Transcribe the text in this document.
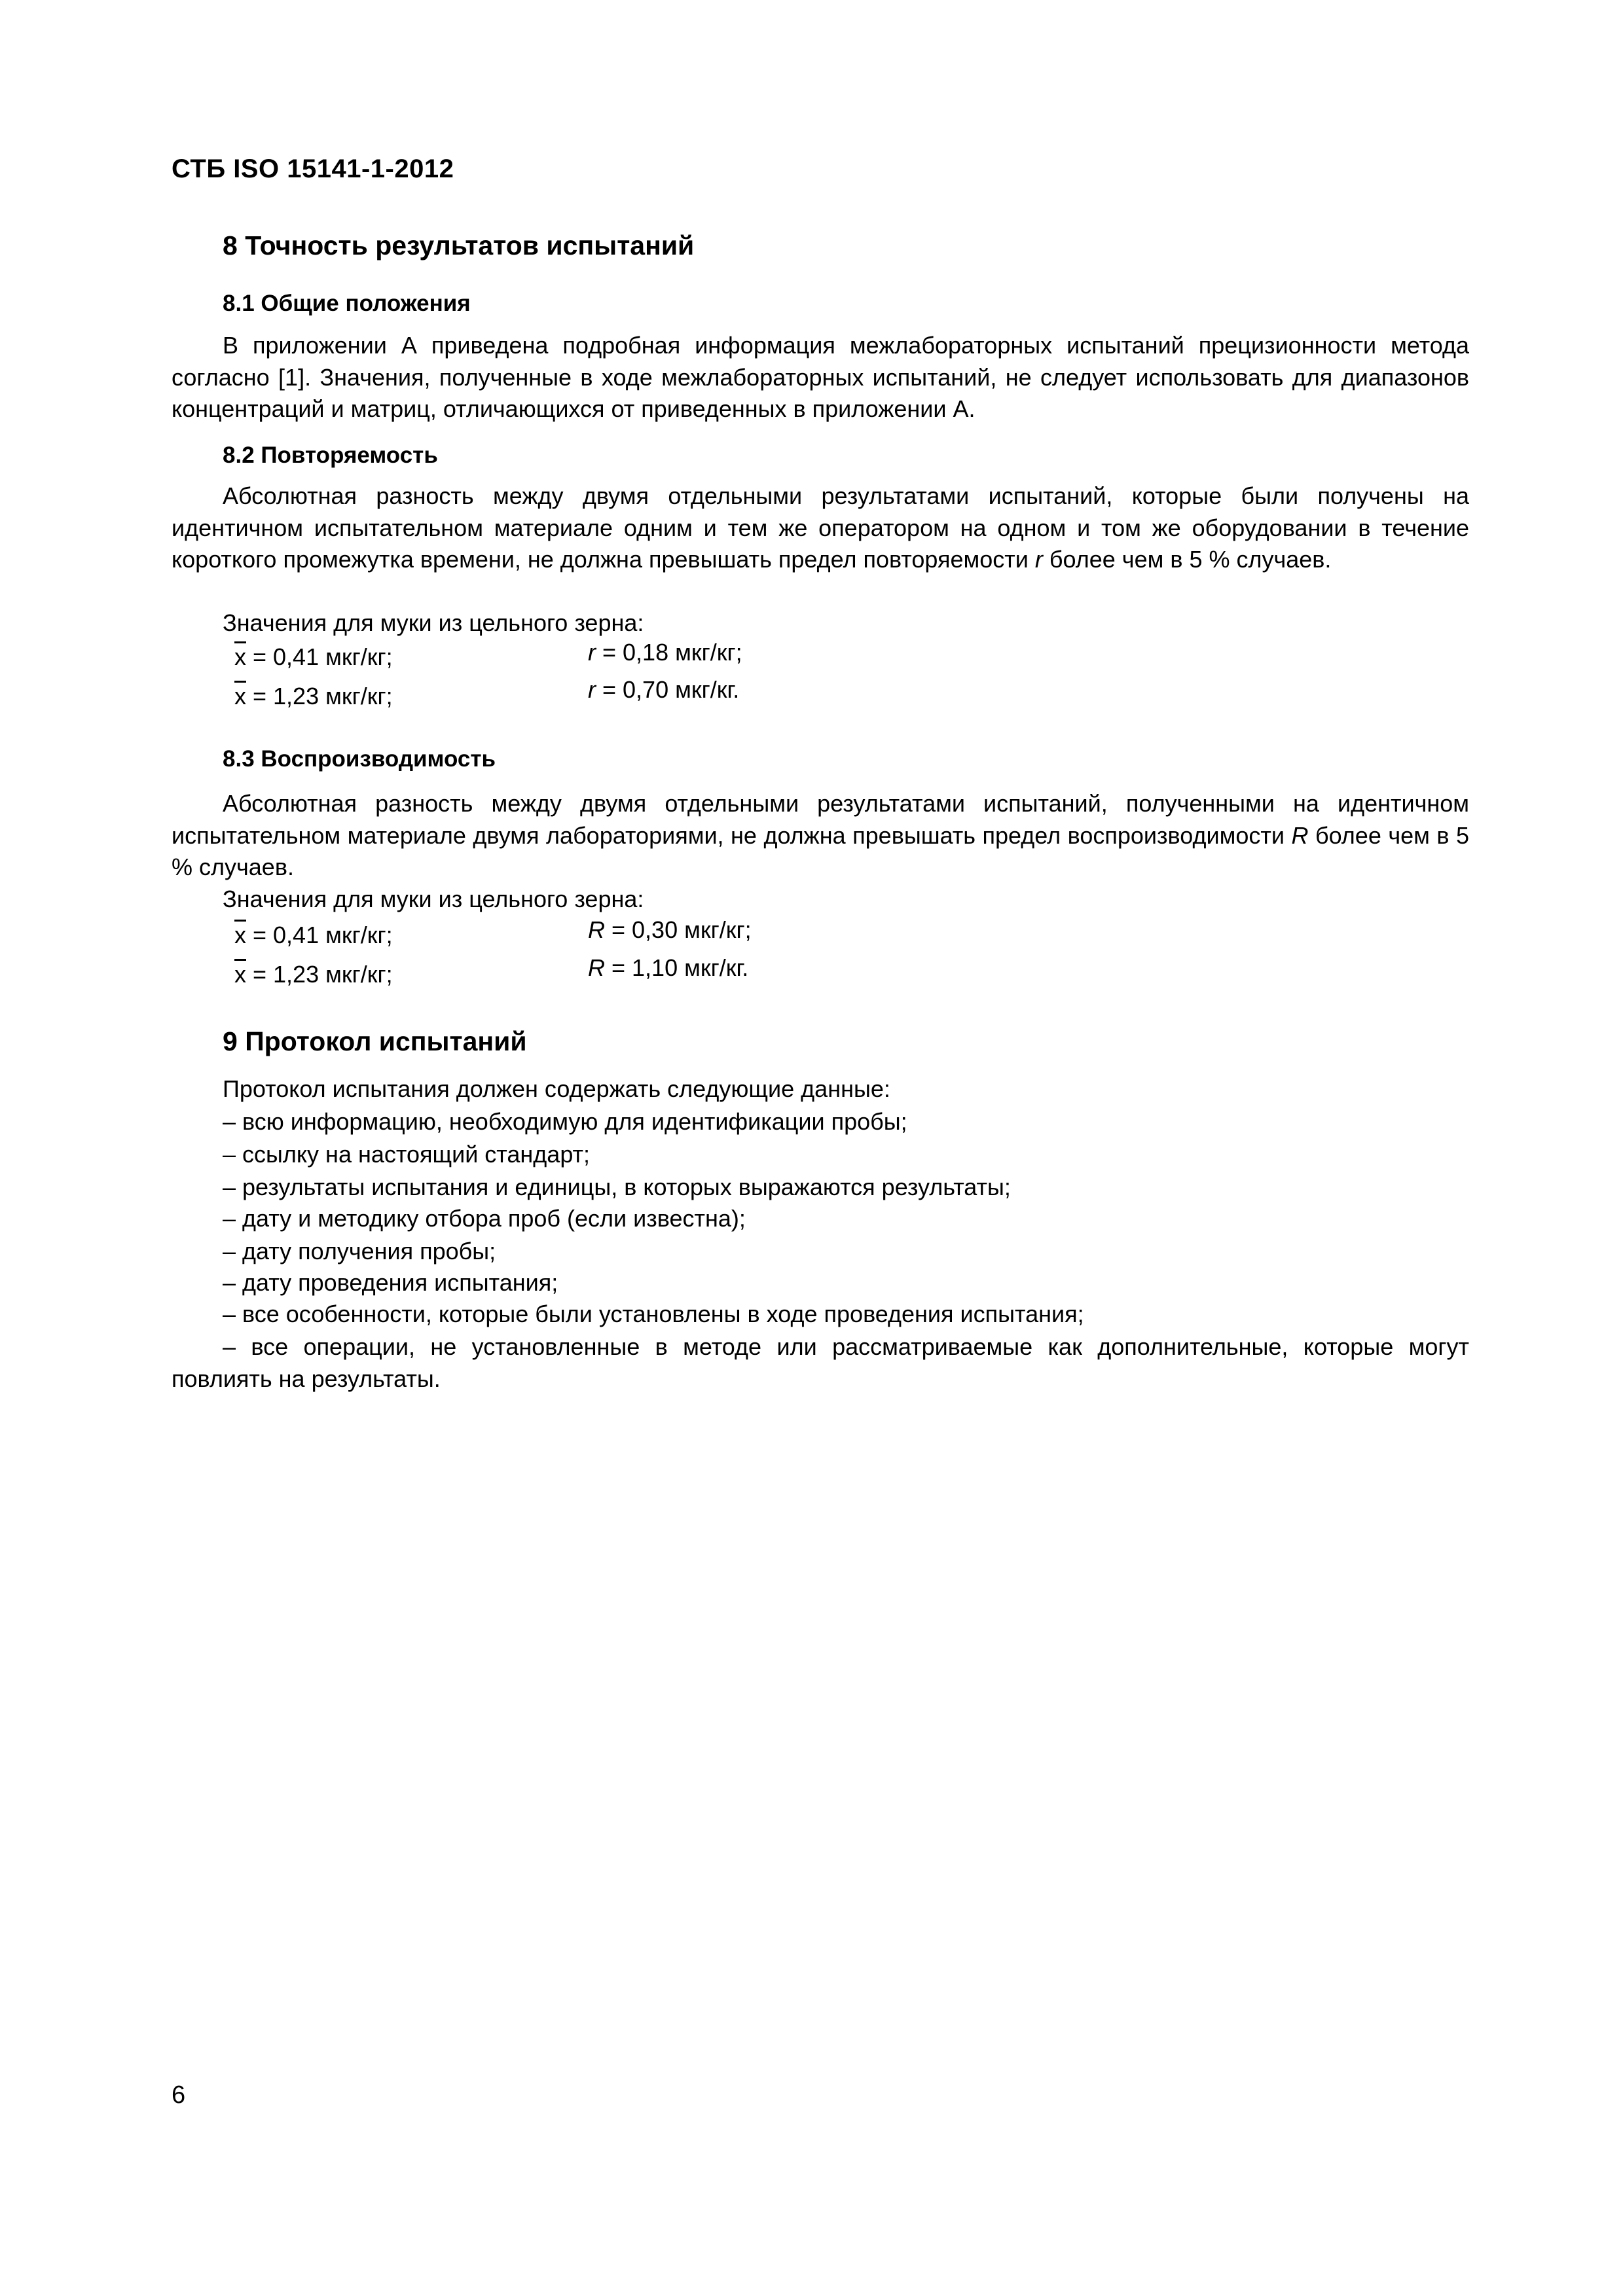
СТБ ISO 15141-1-2012
8 Точность результатов испытаний
8.1 Общие положения

В приложении А приведена подробная информация межлабораторных испытаний прецизионности метода согласно [1]. Значения, полученные в ходе межлабораторных испытаний, не следует использовать для диапазонов концентраций и матриц, отличающихся от приведенных в приложении А.

8.2 Повторяемость

Абсолютная разность между двумя отдельными результатами испытаний, которые были получены на идентичном испытательном материале одним и тем же оператором на одном и том же оборудовании в течение короткого промежутка времени, не должна превышать предел повторяемости r более чем в 5 % случаев.

Значения для муки из цельного зерна:
$\overline{x} = 0,41$ мкг/кг;	r = 0,18 мкг/кг;
$\overline{x} = 1,23$ мкг/кг;	r = 0,70 мкг/кг.
8.3 Воспроизводимость

Абсолютная разность между двумя отдельными результатами испытаний, полученными на идентичном испытательном материале двумя лабораториями, не должна превышать предел воспроизводимости R более чем в 5 % случаев.

Значения для муки из цельного зерна:
$\overline{x} = 0,41$ мкг/кг;	R = 0,30 мкг/кг;
$\overline{x} = 1,23$ мкг/кг;	R = 1,10 мкг/кг.
9 Протокол испытаний
Протокол испытания должен содержать следующие данные:
– всю информацию, необходимую для идентификации пробы;
– ссылку на настоящий стандарт;
– результаты испытания и единицы, в которых выражаются результаты;
– дату и методику отбора проб (если известна);
– дату получения пробы;
– дату проведения испытания;
– все особенности, которые были установлены в ходе проведения испытания;

– все операции, не установленные в методе или рассматриваемые как дополнительные, которые могут повлиять на результаты.

6
